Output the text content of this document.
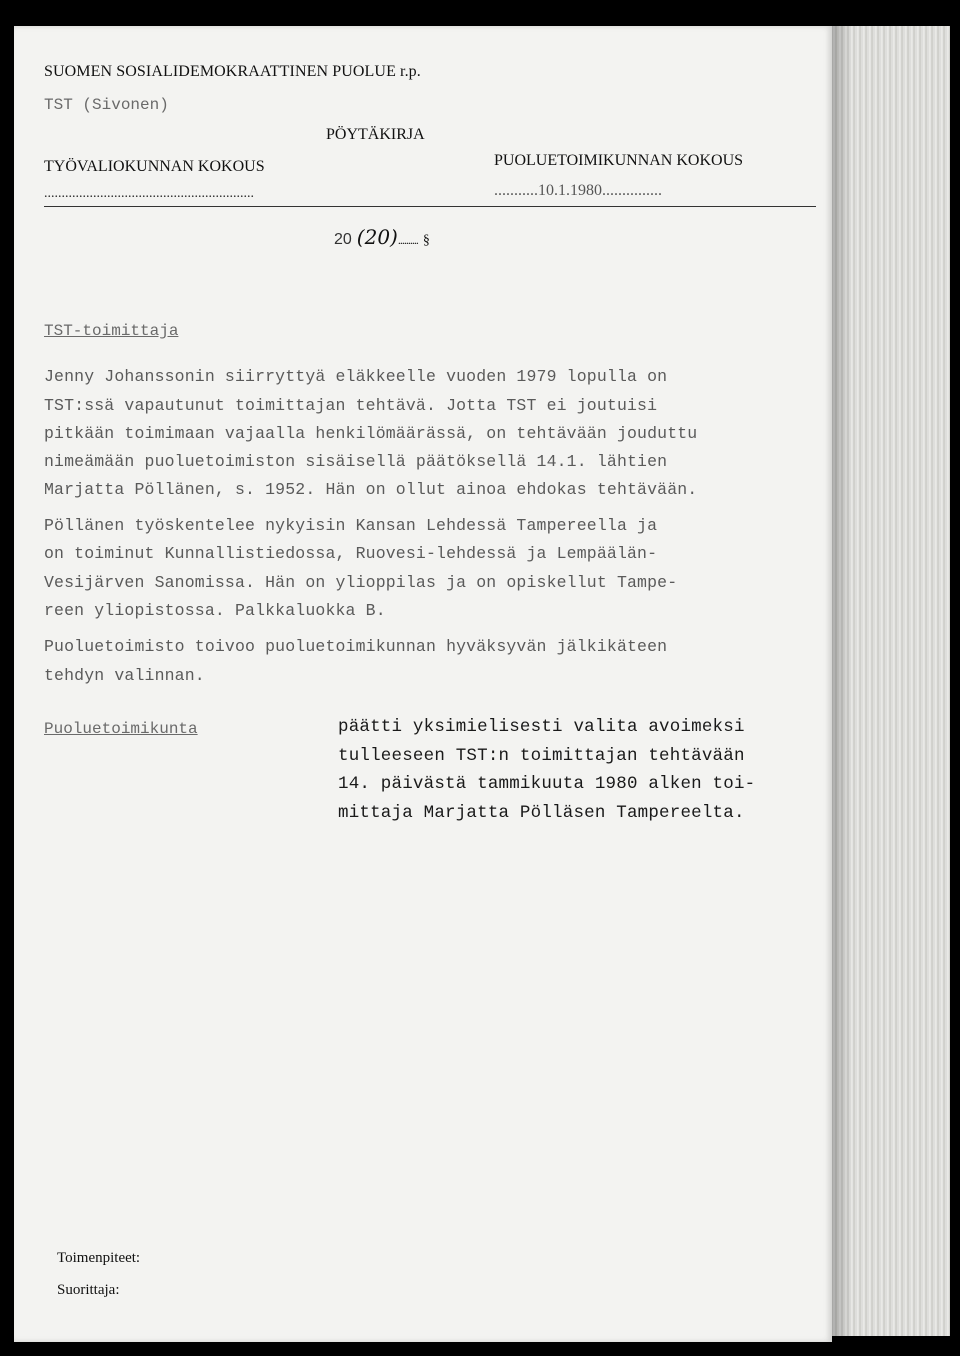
SUOMEN SOSIALIDEMOKRAATTINEN PUOLUE r.p.
TST (Sivonen)
PÖYTÄKIRJA
TYÖVALIOKUNNAN KOKOUS
............................................................
PUOLUETOIMIKUNNAN KOKOUS
...........10.1.1980...............
20 (20).......... §
TST-toimittaja
Jenny Johanssonin siirryttyä eläkkeelle vuoden 1979 lopulla on
TST:ssä vapautunut toimittajan tehtävä. Jotta TST ei joutuisi
pitkään toimimaan vajaalla henkilömäärässä, on tehtävään jouduttu
nimeämään puoluetoimiston sisäisellä päätöksellä 14.1. lähtien
Marjatta Pöllänen, s. 1952. Hän on ollut ainoa ehdokas tehtävään.
Pöllänen työskentelee nykyisin Kansan Lehdessä Tampereella ja
on toiminut Kunnallistiedossa, Ruovesi-lehdessä ja Lempäälän-
Vesijärven Sanomissa. Hän on ylioppilas ja on opiskellut Tampe-
reen yliopistossa. Palkkaluokka B.
Puoluetoimisto toivoo puoluetoimikunnan hyväksyvän jälkikäteen
tehdyn valinnan.
Puoluetoimikunta	päätti yksimielisesti valita avoimeksi
tulleeseen TST:n toimittajan tehtävään
14. päivästä tammikuuta 1980 alken toi-
mittaja Marjatta Pölläsen Tampereelta.
Toimenpiteet:
Suorittaja:
